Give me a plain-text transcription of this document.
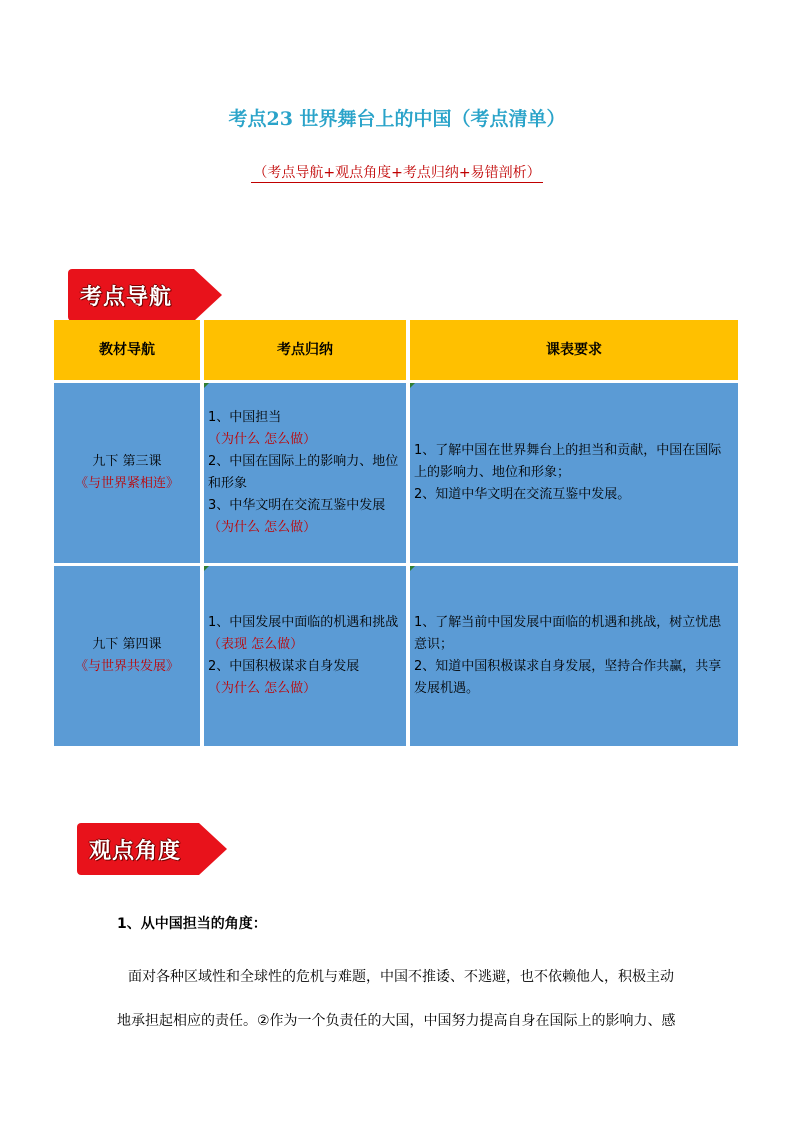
考点23 世界舞台上的中国（考点清单）
（考点导航+观点角度+考点归纳+易错剖析）
考点导航
教材导航	考点归纳	课表要求
九下 第三课
《与世界紧相连》
1、中国担当
（为什么 怎么做）
2、中国在国际上的影响力、地位和形象
3、中华文明在交流互鉴中发展
（为什么 怎么做）
1、了解中国在世界舞台上的担当和贡献，中国在国际上的影响力、地位和形象；
2、知道中华文明在交流互鉴中发展。
九下 第四课
《与世界共发展》
1、中国发展中面临的机遇和挑战
（表现 怎么做）
2、中国积极谋求自身发展
（为什么 怎么做）
1、了解当前中国发展中面临的机遇和挑战，树立忧患意识；
2、知道中国积极谋求自身发展，坚持合作共赢，共享发展机遇。
观点角度
1、从中国担当的角度：
面对各种区域性和全球性的危机与难题，中国不推诿、不逃避，也不依赖他人，积极主动
地承担起相应的责任。②作为一个负责任的大国，中国努力提高自身在国际上的影响力、感
